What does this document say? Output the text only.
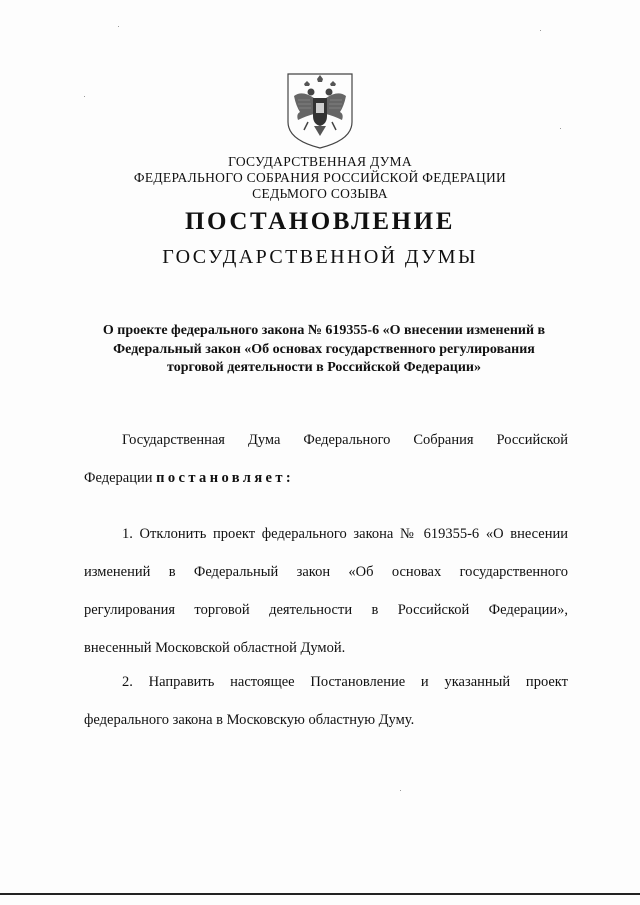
ГОСУДАРСТВЕННАЯ ДУМА
ФЕДЕРАЛЬНОГО СОБРАНИЯ РОССИЙСКОЙ ФЕДЕРАЦИИ
СЕДЬМОГО СОЗЫВА
ПОСТАНОВЛЕНИЕ
ГОСУДАРСТВЕННОЙ ДУМЫ
О проекте федерального закона № 619355-6 «О внесении изменений в
Федеральный закон «Об основах государственного регулирования
торговой деятельности в Российской Федерации»
Государственная Дума Федерального Собрания Российской
Федерации постановляет:
1. Отклонить проект федерального закона № 619355-6 «О внесении
изменений в Федеральный закон «Об основах государственного
регулирования торговой деятельности в Российской Федерации»,
внесенный Московской областной Думой.
2. Направить настоящее Постановление и указанный проект
федерального закона в Московскую областную Думу.
